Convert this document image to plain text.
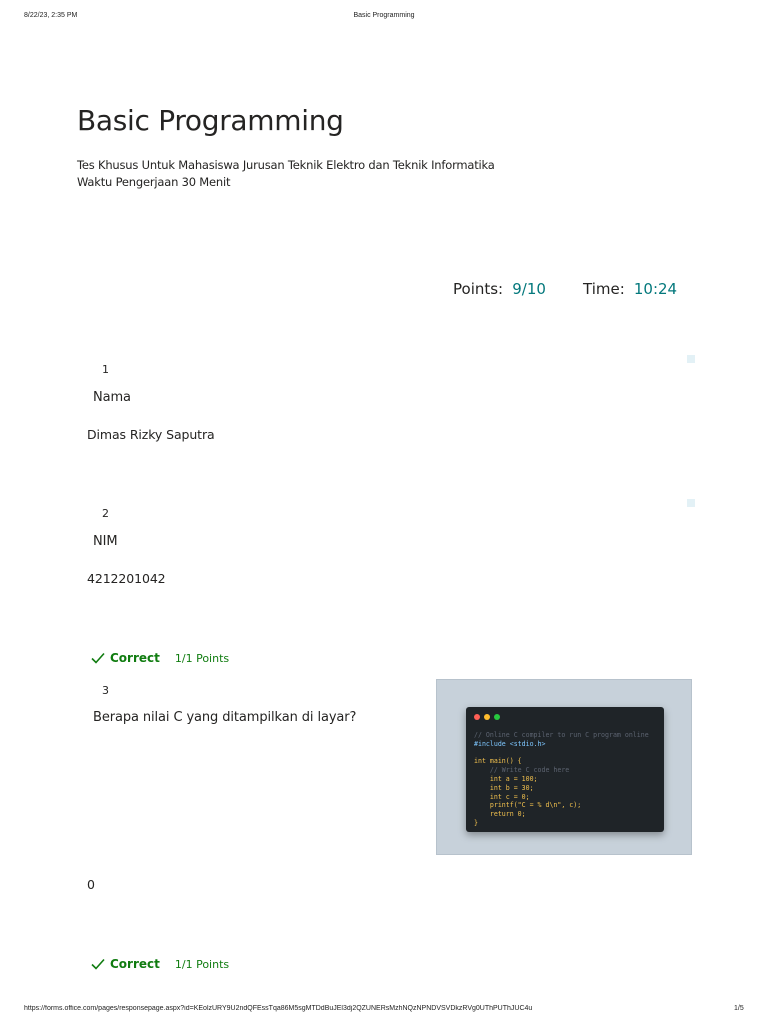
8/22/23, 2:35 PM	Basic Programming
Basic Programming
Tes Khusus Untuk Mahasiswa Jurusan Teknik Elektro dan Teknik Informatika
Waktu Pengerjaan 30 Menit
Points: 9/10 Time: 10:24
1
Nama
Dimas Rizky Saputra
2
NIM
4212201042
Correct 1/1 Points
3
Berapa nilai C yang ditampilkan di layar?
// Online C compiler to run C program online
#include <stdio.h>
int main() {
// Write C code here
int a = 100;
int b = 30;
int c = 0;
printf("C = % d\n", c);
return 0;
}
0
Correct 1/1 Points
https://forms.office.com/pages/responsepage.aspx?id=KEolzURY9U2ndQFEssTqa86M5sgMTDdBuJEl3dj2QZUNERsMzhNQzNPNDVSVDkzRVg0UThPUThJUC4u	1/5
